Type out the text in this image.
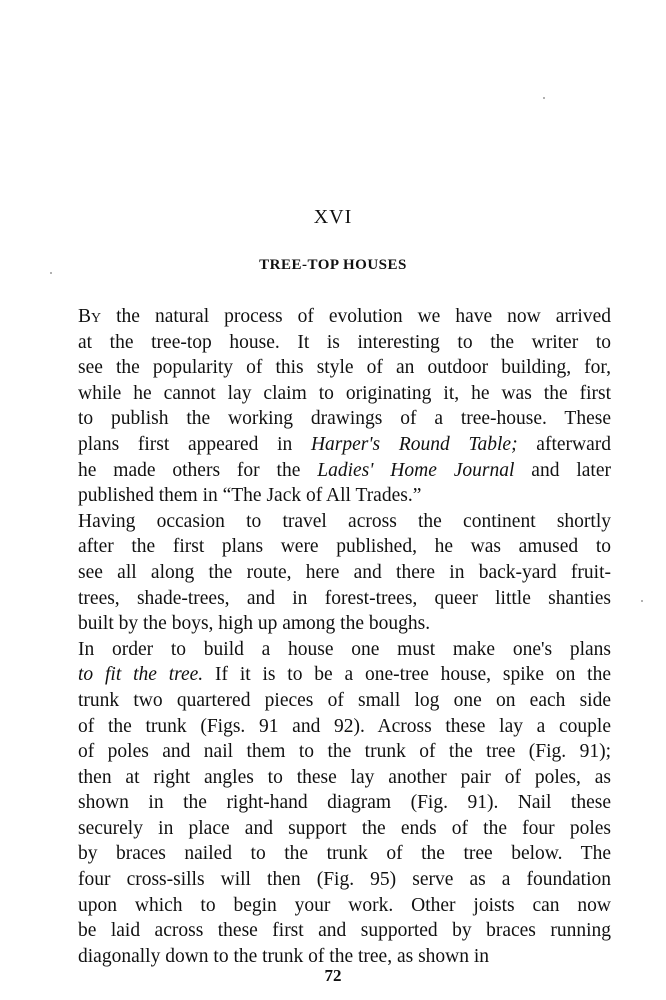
XVI
TREE-TOP HOUSES
By the natural process of evolution we have now arrived
at the tree-top house. It is interesting to the writer to
see the popularity of this style of an outdoor building, for,
while he cannot lay claim to originating it, he was the first
to publish the working drawings of a tree-house. These
plans first appeared in Harper's Round Table; afterward
he made others for the Ladies' Home Journal and later
published them in “The Jack of All Trades.”
Having occasion to travel across the continent shortly
after the first plans were published, he was amused to
see all along the route, here and there in back-yard fruit-
trees, shade-trees, and in forest-trees, queer little shanties
built by the boys, high up among the boughs.
In order to build a house one must make one's plans
to fit the tree. If it is to be a one-tree house, spike on the
trunk two quartered pieces of small log one on each side
of the trunk (Figs. 91 and 92). Across these lay a couple
of poles and nail them to the trunk of the tree (Fig. 91);
then at right angles to these lay another pair of poles, as
shown in the right-hand diagram (Fig. 91). Nail these
securely in place and support the ends of the four poles
by braces nailed to the trunk of the tree below. The
four cross-sills will then (Fig. 95) serve as a foundation
upon which to begin your work. Other joists can now
be laid across these first and supported by braces running
diagonally down to the trunk of the tree, as shown in
72
